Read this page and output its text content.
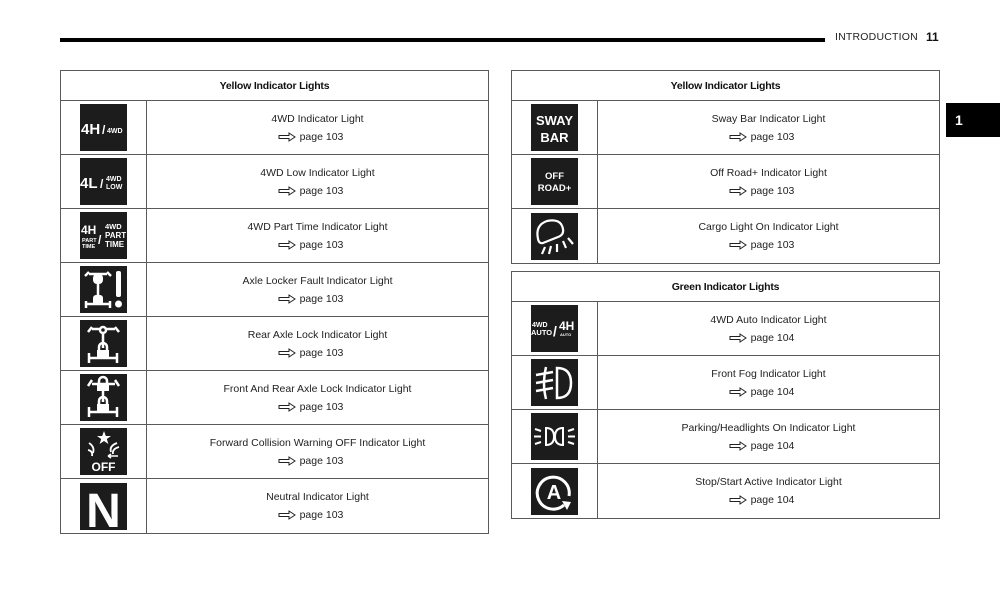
INTRODUCTION 11
1
Yellow Indicator Lights
4H / 4WD
4WD Indicator Light
page 103
4L / 4WD
LOW
4WD Low Indicator Light
page 103
4H
PART
TIME /
4WD
PART
TIME
4WD Part Time Indicator Light
page 103
Axle Locker Fault Indicator Light
page 103
Rear Axle Lock Indicator Light
page 103
Front And Rear Axle Lock Indicator Light
page 103
OFF
Forward Collision Warning OFF Indicator Light
page 103
N	Neutral Indicator Light
page 103
Yellow Indicator Lights
SWAY
BAR
Sway Bar Indicator Light
page 103
OFF
ROAD+
Off Road+ Indicator Light
page 103
Cargo Light On Indicator Light
page 103
Green Indicator Lights
4WD
AUTO / 4H
AUTO
4WD Auto Indicator Light
page 104
Front Fog Indicator Light
page 104
Parking/Headlights On Indicator Light
page 104
A	Stop/Start Active Indicator Light
page 104
